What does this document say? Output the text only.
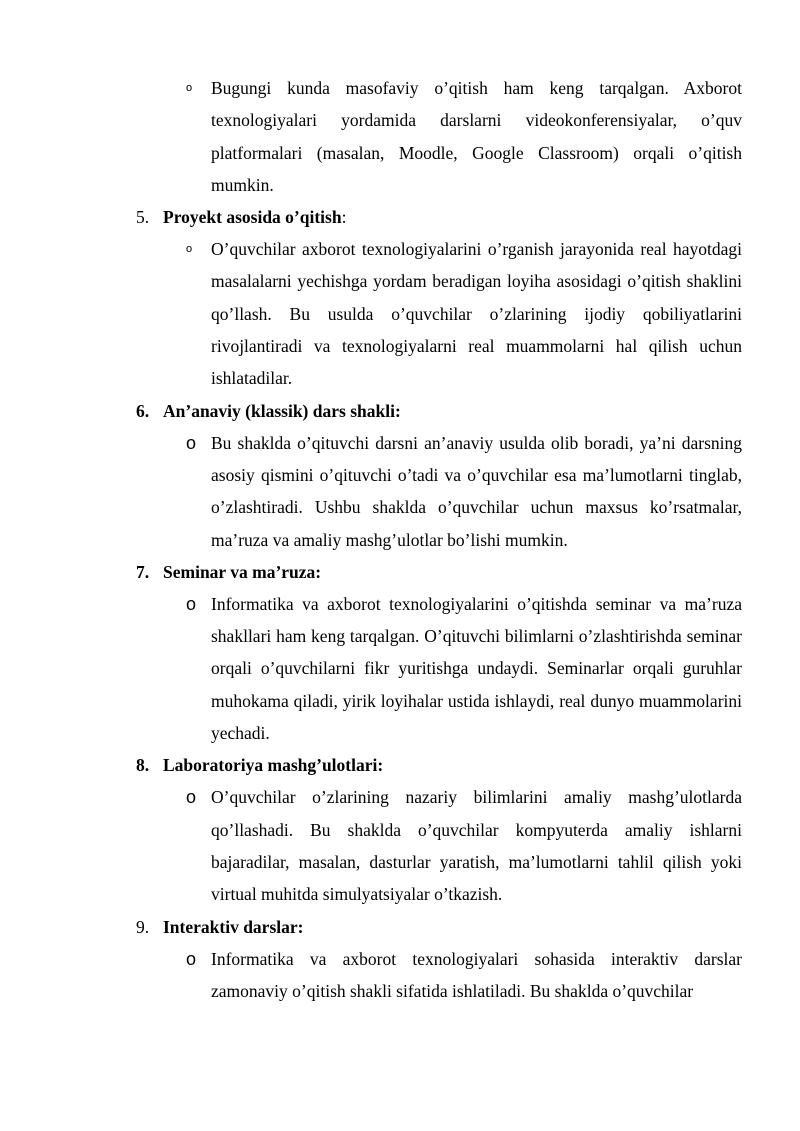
o Bugungi kunda masofaviy o’qitish ham keng tarqalgan. Axborot texnologiyalari yordamida darslarni videokonferensiyalar, o’quv platformalari (masalan, Moodle, Google Classroom) orqali o’qitish mumkin.
5. Proyekt asosida o’qitish:
o O’quvchilar axborot texnologiyalarini o’rganish jarayonida real hayotdagi masalalarni yechishga yordam beradigan loyiha asosidagi o’qitish shaklini qo’llash. Bu usulda o’quvchilar o’zlarining ijodiy qobiliyatlarini rivojlantiradi va texnologiyalarni real muammolarni hal qilish uchun ishlatadilar.
6. An’anaviy (klassik) dars shakli:
o Bu shaklda o’qituvchi darsni an’anaviy usulda olib boradi, ya’ni darsning asosiy qismini o’qituvchi o’tadi va o’quvchilar esa ma’lumotlarni tinglab, o’zlashtiradi. Ushbu shaklda o’quvchilar uchun maxsus ko’rsatmalar, ma’ruza va amaliy mashg’ulotlar bo’lishi mumkin.
7. Seminar va ma’ruza:
o Informatika va axborot texnologiyalarini o’qitishda seminar va ma’ruza shakllari ham keng tarqalgan. O’qituvchi bilimlarni o’zlashtirishda seminar orqali o’quvchilarni fikr yuritishga undaydi. Seminarlar orqali guruhlar muhokama qiladi, yirik loyihalar ustida ishlaydi, real dunyo muammolarini yechadi.
8. Laboratoriya mashg’ulotlari:
o O’quvchilar o’zlarining nazariy bilimlarini amaliy mashg’ulotlarda qo’llashadi. Bu shaklda o’quvchilar kompyuterda amaliy ishlarni bajaradilar, masalan, dasturlar yaratish, ma’lumotlarni tahlil qilish yoki virtual muhitda simulyatsiyalar o’tkazish.
9. Interaktiv darslar:
o Informatika va axborot texnologiyalari sohasida interaktiv darslar zamonaviy o’qitish shakli sifatida ishlatiladi. Bu shaklda o’quvchilar
